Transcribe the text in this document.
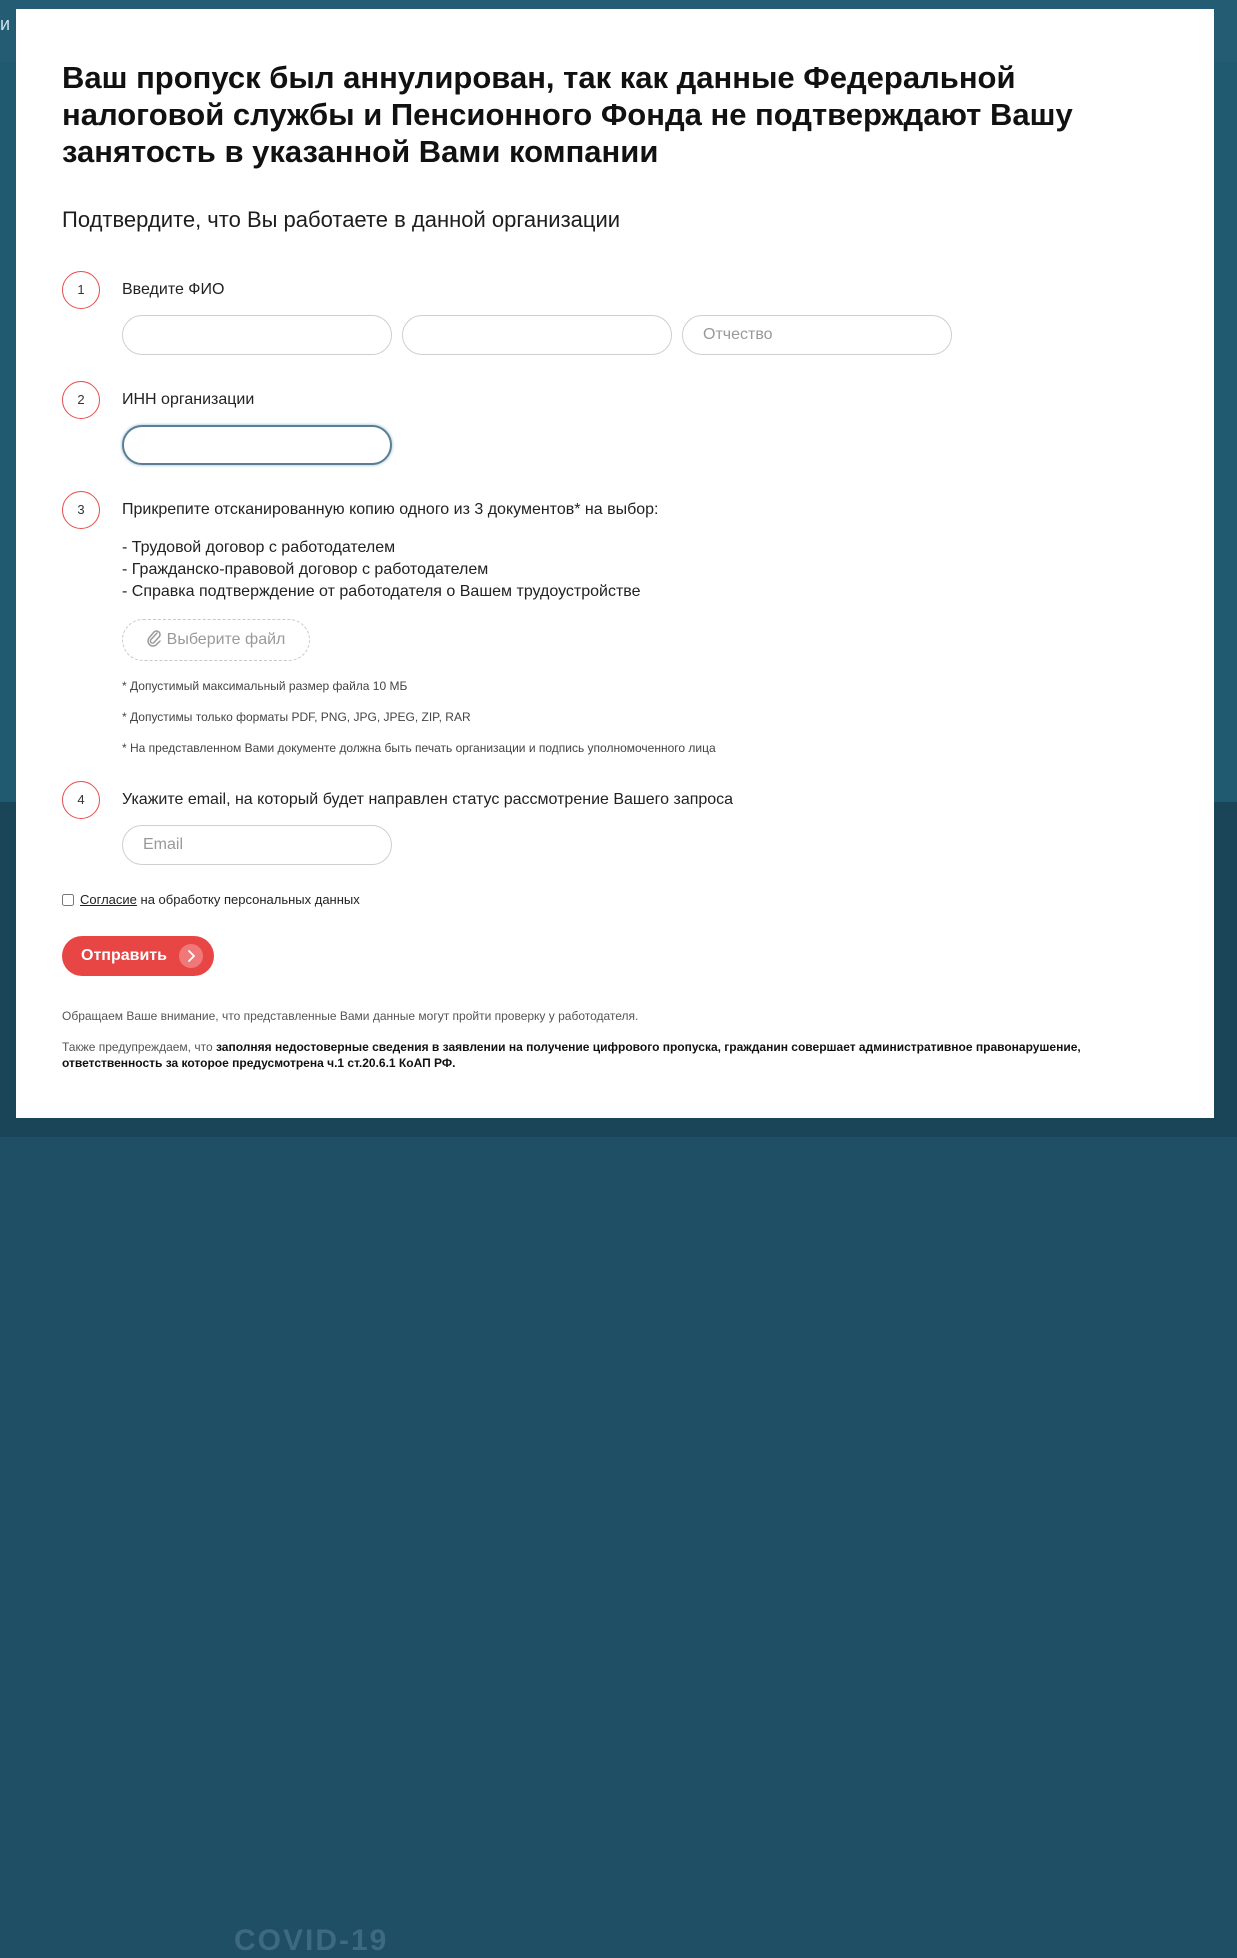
и
COVID-19
Ваш пропуск был аннулирован, так как данные Федеральной налоговой службы и Пенсионного Фонда не подтверждают Вашу занятость в указанной Вами компании
Подтвердите, что Вы работаете в данной организации
1	Введите ФИО
Отчество
2	ИНН организации
3	Прикрепите отсканированную копию одного из 3 документов* на выбор:
- Трудовой договор с работодателем
- Гражданско-правовой договор с работодателем
- Справка подтверждение от работодателя о Вашем трудоустройстве
Выберите файл
* Допустимый максимальный размер файла 10 МБ
* Допустимы только форматы PDF, PNG, JPG, JPEG, ZIP, RAR
* На представленном Вами документе должна быть печать организации и подпись уполномоченного лица
4	Укажите email, на который будет направлен статус рассмотрение Вашего запроса
Email
Согласие на обработку персональных данных
Отправить
Обращаем Ваше внимание, что представленные Вами данные могут пройти проверку у работодателя.
Также предупреждаем, что заполняя недостоверные сведения в заявлении на получение цифрового пропуска, гражданин совершает административное правонарушение, ответственность за которое предусмотрена ч.1 ст.20.6.1 КоАП РФ.
